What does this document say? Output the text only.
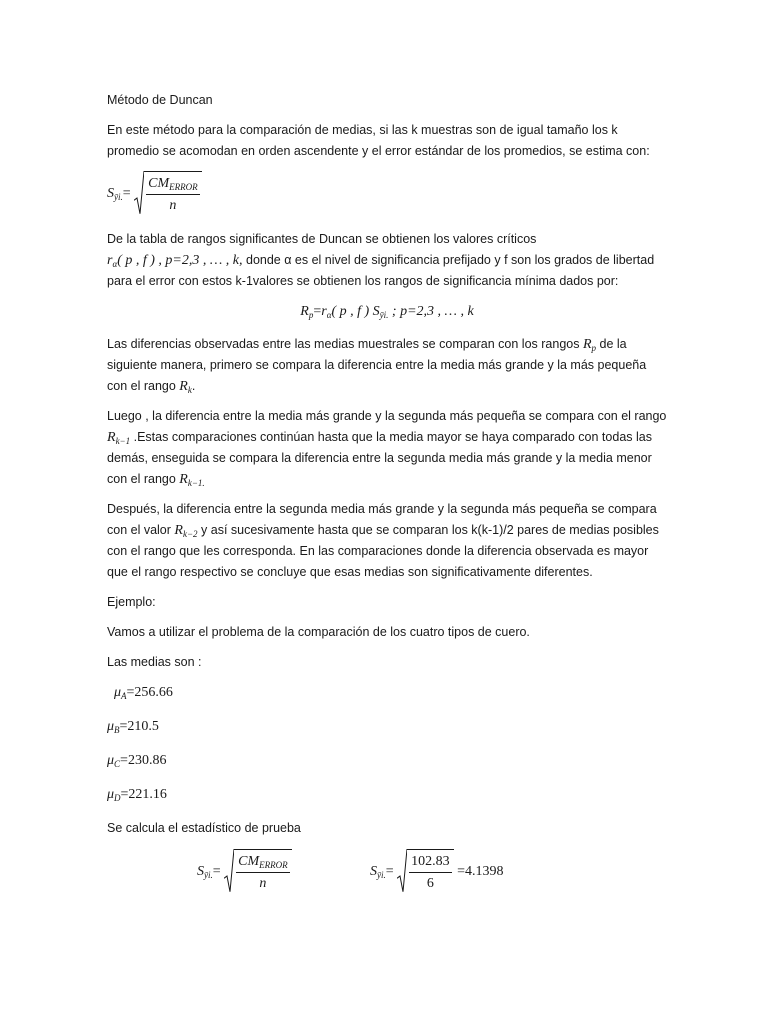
Método de Duncan

En este método para la comparación de medias, si las k muestras son de igual tamaño los k promedio se acomodan en orden ascendente y el error estándar de los promedios, se estima con:

$S_{ȳi.}= \frac{CM_{ERROR}}{n}$

De la tabla de rangos significantes de Duncan se obtienen los valores críticos
$r_\alpha$( p , f ) , p=2,3 , … , k, donde α es el nivel de significancia prefijado y f son los grados de libertad para el error con estos k-1valores se obtienen los rangos de significancia mínima dados por:

$R_p=r_\alpha$( p , f ) $S_{ȳi.}$ ; p=2,3 , … , k

Las diferencias observadas entre las medias muestrales se comparan con los rangos $R_p$ de la siguiente manera, primero se compara la diferencia entre la media más grande y la más pequeña con el rango $R_k$.

Luego , la diferencia entre la media más grande y la segunda más pequeña se compara con el rango $R_{k-1}$ .Estas comparaciones continúan hasta que la media mayor se haya comparado con todas las demás, enseguida se compara la diferencia entre la segunda media más grande y la media menor con el rango $R_{k-1.}$

Después, la diferencia entre la segunda media más grande y la segunda más pequeña se compara con el valor $R_{k-2}$ y así sucesivamente hasta que se comparan los k(k-1)/2 pares de medias posibles con el rango que les corresponda. En las comparaciones donde la diferencia observada es mayor que el rango respectivo se concluye que esas medias son significativamente diferentes.

Ejemplo:

Vamos a utilizar el problema de la comparación de los cuatro tipos de cuero.

Las medias son :

$\mu_A=256.66$
$\mu_B=210.5$
$\mu_C=230.86$
$\mu_D=221.16$

Se calcula el estadístico de prueba

$S_{ȳi.}= \frac{CM_{ERROR}}{n}$	$S_{ȳi.}= \frac{102.83}{6} =4.1398$
